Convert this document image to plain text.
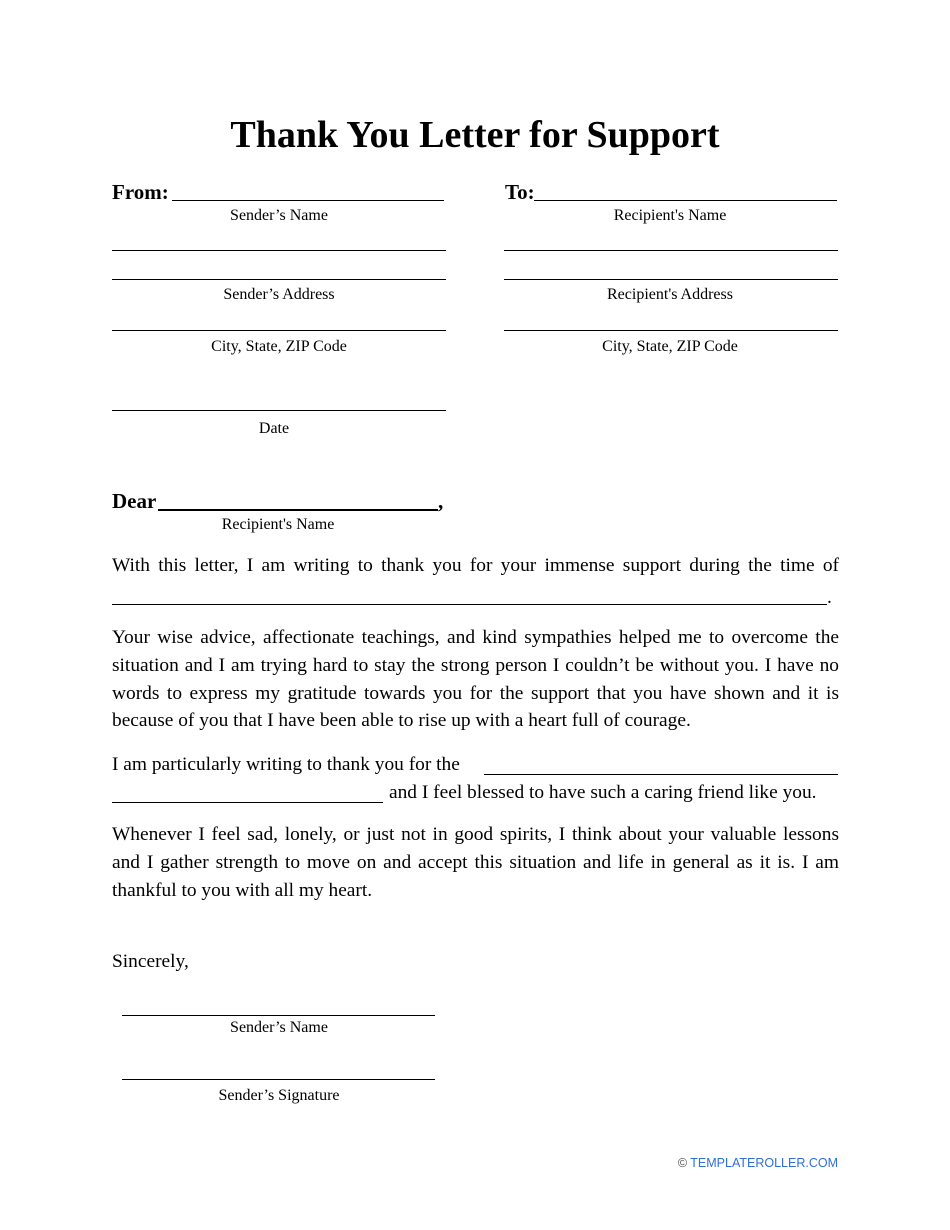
Thank You Letter for Support
From:
Sender’s Name
Sender’s Address
City, State, ZIP Code
Date
To:
Recipient's Name
Recipient's Address
City, State, ZIP Code
Dear	,
Recipient's Name
With this letter, I am writing to thank you for your immense support during the time of
.
Your wise advice, affectionate teachings, and kind sympathies helped me to overcome the situation and I am trying hard to stay the strong person I couldn’t be without you. I have no words to express my gratitude towards you for the support that you have shown and it is because of you that I have been able to rise up with a heart full of courage.
I am particularly writing to thank you for the
and I feel blessed to have such a caring friend like you.
Whenever I feel sad, lonely, or just not in good spirits, I think about your valuable lessons and I gather strength to move on and accept this situation and life in general as it is. I am thankful to you with all my heart.
Sincerely,
Sender’s Name
Sender’s Signature
© TEMPLATEROLLER.COM
